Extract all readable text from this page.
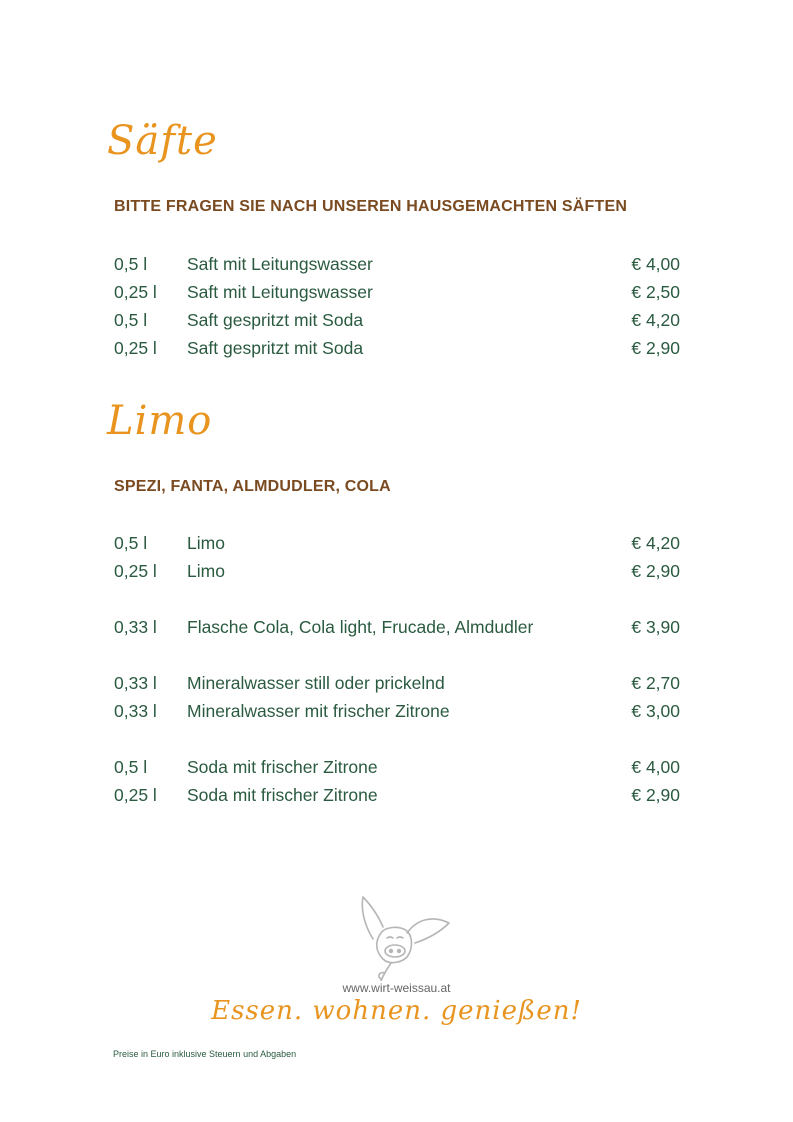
Säfte
BITTE FRAGEN SIE NACH UNSEREN HAUSGEMACHTEN SÄFTEN
0,5 l	Saft mit Leitungswasser	€ 4,00
0,25 l	Saft mit Leitungswasser	€ 2,50
0,5 l	Saft gespritzt mit Soda	€ 4,20
0,25 l	Saft gespritzt mit Soda	€ 2,90
Limo
SPEZI, FANTA, ALMDUDLER, COLA
0,5 l	Limo	€ 4,20
0,25 l	Limo	€ 2,90
0,33 l	Flasche Cola, Cola light, Frucade, Almdudler	€ 3,90
0,33 l	Mineralwasser still oder prickelnd	€ 2,70
0,33 l	Mineralwasser mit frischer Zitrone	€ 3,00
0,5 l	Soda mit frischer Zitrone	€ 4,00
0,25 l	Soda mit frischer Zitrone	€ 2,90
www.wirt-weissau.at
Essen. wohnen. genießen!
Preise in Euro inklusive Steuern und Abgaben
